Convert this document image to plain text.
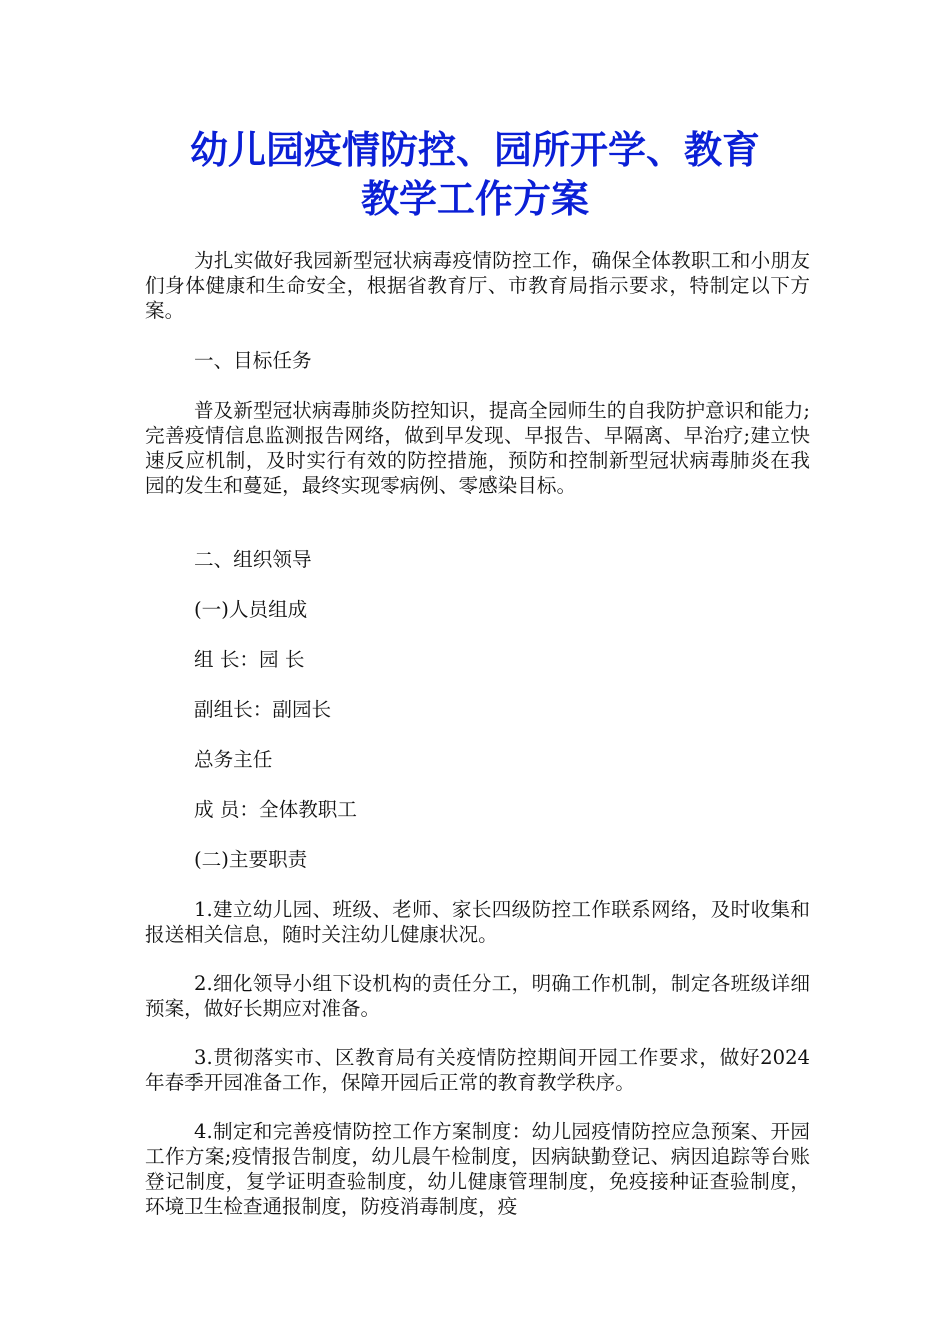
幼儿园疫情防控、园所开学、教育
教学工作方案

为扎实做好我园新型冠状病毒疫情防控工作，确保全体教职工和小朋友们身体健康和生命安全，根据省教育厅、市教育局指示要求，特制定以下方案。

一、目标任务

普及新型冠状病毒肺炎防控知识，提高全园师生的自我防护意识和能力;完善疫情信息监测报告网络，做到早发现、早报告、早隔离、早治疗;建立快速反应机制，及时实行有效的防控措施，预防和控制新型冠状病毒肺炎在我园的发生和蔓延，最终实现零病例、零感染目标。

二、组织领导

(一)人员组成

组 长：园 长

副组长：副园长

总务主任

成 员：全体教职工

(二)主要职责

1.建立幼儿园、班级、老师、家长四级防控工作联系网络，及时收集和报送相关信息，随时关注幼儿健康状况。

2.细化领导小组下设机构的责任分工，明确工作机制，制定各班级详细预案，做好长期应对准备。

3.贯彻落实市、区教育局有关疫情防控期间开园工作要求，做好2024年春季开园准备工作，保障开园后正常的教育教学秩序。

4.制定和完善疫情防控工作方案制度：幼儿园疫情防控应急预案、开园工作方案;疫情报告制度，幼儿晨午检制度，因病缺勤登记、病因追踪等台账登记制度，复学证明查验制度，幼儿健康管理制度，免疫接种证查验制度，环境卫生检查通报制度，防疫消毒制度，疫
